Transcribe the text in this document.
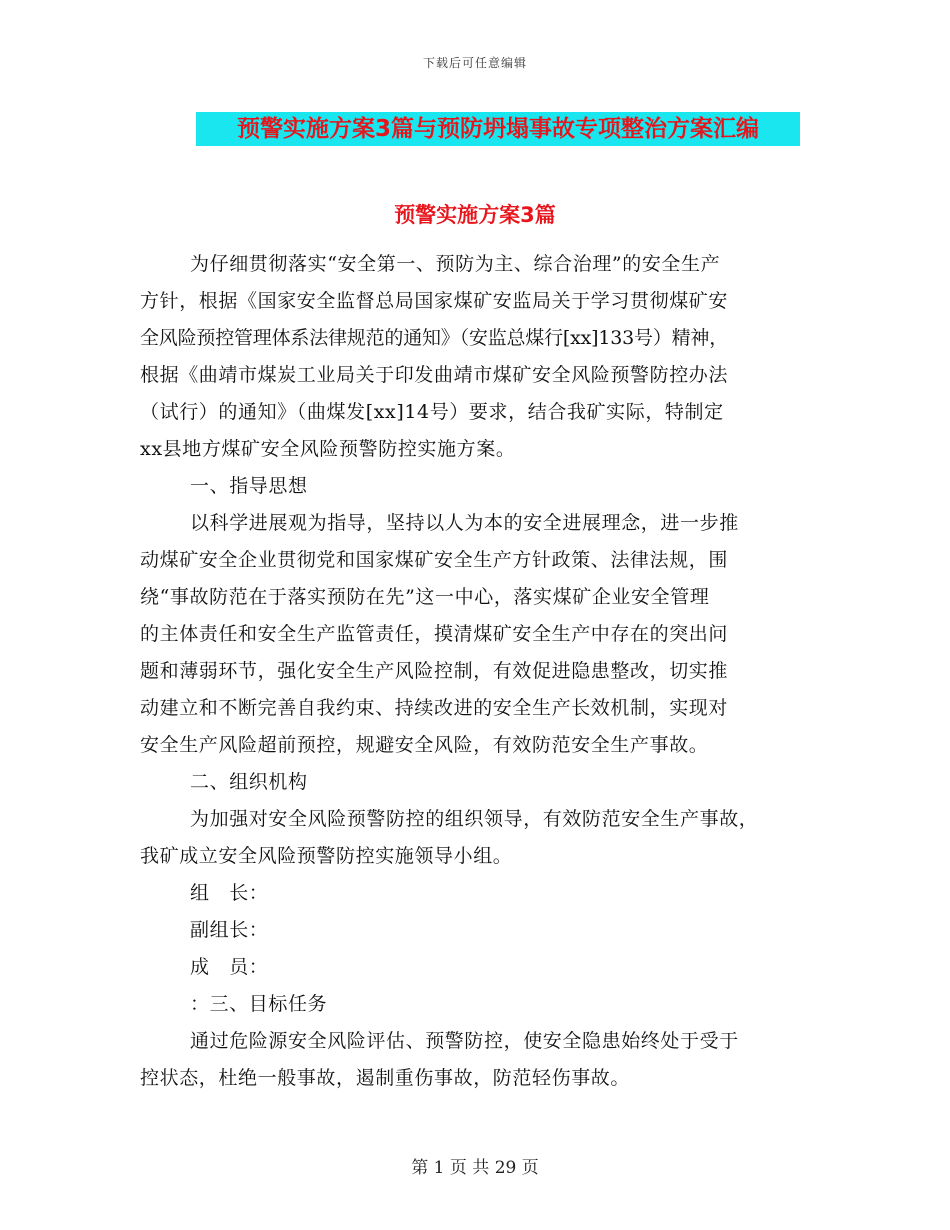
下载后可任意编辑
预警实施方案3篇与预防坍塌事故专项整治方案汇编
预警实施方案3篇
为仔细贯彻落实“安全第一、预防为主、综合治理”的安全生产
方针，根据《国家安全监督总局国家煤矿安监局关于学习贯彻煤矿安
全风险预控管理体系法律规范的通知》（安监总煤行[xx]133号）精神，
根据《曲靖市煤炭工业局关于印发曲靖市煤矿安全风险预警防控办法
（试行）的通知》（曲煤发[xx]14号）要求，结合我矿实际，特制定
xx县地方煤矿安全风险预警防控实施方案。
一、指导思想
以科学进展观为指导，坚持以人为本的安全进展理念，进一步推
动煤矿安全企业贯彻党和国家煤矿安全生产方针政策、法律法规，围
绕“事故防范在于落实预防在先”这一中心，落实煤矿企业安全管理
的主体责任和安全生产监管责任，摸清煤矿安全生产中存在的突出问
题和薄弱环节，强化安全生产风险控制，有效促进隐患整改，切实推
动建立和不断完善自我约束、持续改进的安全生产长效机制，实现对
安全生产风险超前预控，规避安全风险，有效防范安全生产事故。
二、组织机构
为加强对安全风险预警防控的组织领导，有效防范安全生产事故，
我矿成立安全风险预警防控实施领导小组。
组　长：
副组长：
成　员：
：三、目标任务
通过危险源安全风险评估、预警防控，使安全隐患始终处于受于
控状态，杜绝一般事故，遏制重伤事故，防范轻伤事故。
第 1 页 共 29 页
